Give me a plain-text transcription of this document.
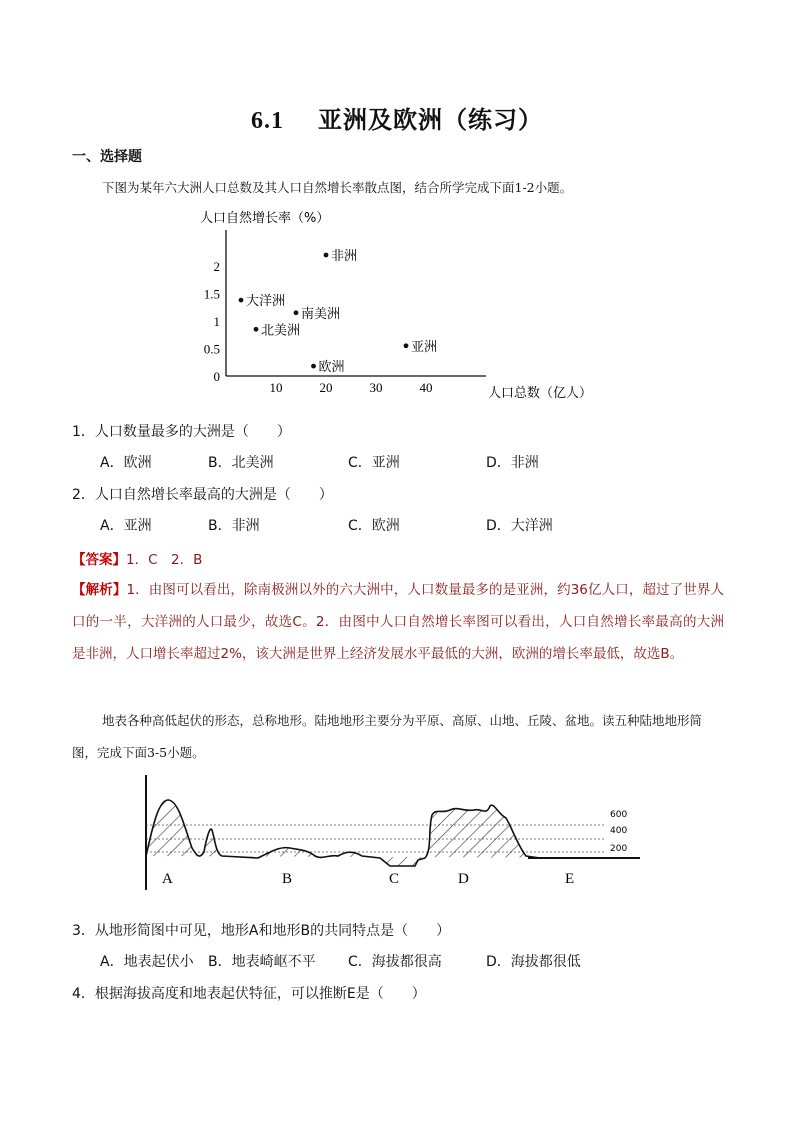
6.1 亚洲及欧洲（练习）
一、选择题
下图为某年六大洲人口总数及其人口自然增长率散点图，结合所学完成下面1-2小题。
人口自然增长率（%）
人口总数（亿人）
0
0.5
1
1.5
2
10	20	30	40
非洲
大洋洲
南美洲
北美洲
亚洲
欧洲
1．人口数量最多的大洲是（　　）
A．欧洲	B．北美洲	C．亚洲	D．非洲
2．人口自然增长率最高的大洲是（　　）
A．亚洲	B．非洲	C．欧洲	D．大洋洲
【答案】1．C　2．B
【解析】1．由图可以看出，除南极洲以外的六大洲中，人口数量最多的是亚洲，约36亿人口，超过了世界人口的一半，大洋洲的人口最少，故选C。2．由图中人口自然增长率图可以看出，人口自然增长率最高的大洲是非洲，人口增长率超过2%，该大洲是世界上经济发展水平最低的大洲，欧洲的增长率最低，故选B。
地表各种高低起伏的形态，总称地形。陆地地形主要分为平原、高原、山地、丘陵、盆地。读五种陆地地形简图，完成下面3-5小题。
600
400
200
A	B	C	D	E
3．从地形简图中可见，地形A和地形B的共同特点是（　　）
A．地表起伏小 B．地表崎岖不平 C．海拔都很高	D．海拔都很低
4．根据海拔高度和地表起伏特征，可以推断E是（　　）
